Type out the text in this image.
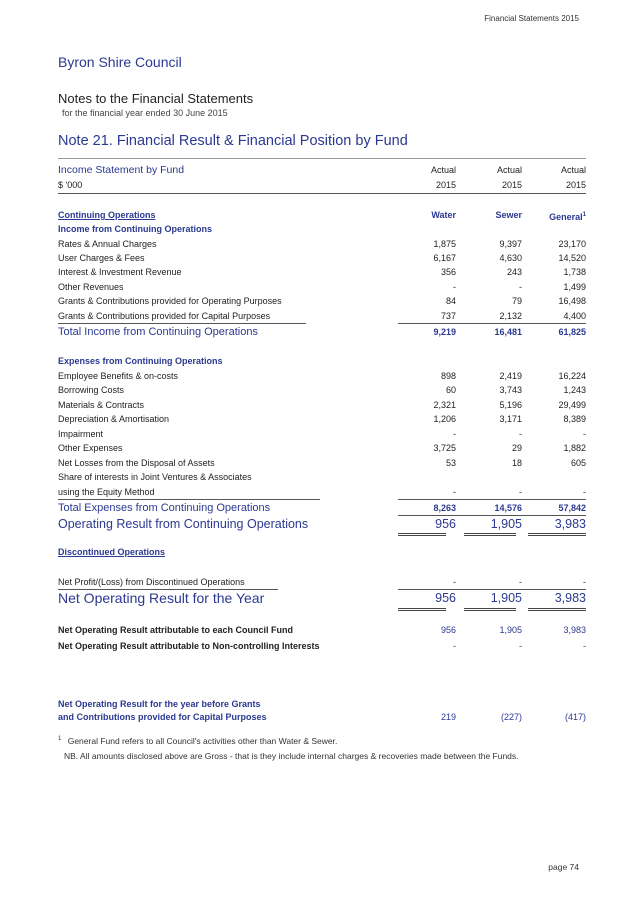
Financial Statements 2015
Byron Shire Council
Notes to the Financial Statements
for the financial year ended 30 June 2015
Note 21. Financial Result & Financial Position by Fund
Income Statement by Fund	Actual	Actual	Actual
$ '000	2015	2015	2015
Continuing Operations	Water	Sewer	General$^1$
Income from Continuing Operations
Rates & Annual Charges	1,875	9,397	23,170
User Charges & Fees	6,167	4,630	14,520
Interest & Investment Revenue	356	243	1,738
Other Revenues	-	-	1,499
Grants & Contributions provided for Operating Purposes	84	79	16,498
Grants & Contributions provided for Capital Purposes	737	2,132	4,400
Total Income from Continuing Operations	9,219	16,481	61,825
Expenses from Continuing Operations
Employee Benefits & on-costs	898	2,419	16,224
Borrowing Costs	60	3,743	1,243
Materials & Contracts	2,321	5,196	29,499
Depreciation & Amortisation	1,206	3,171	8,389
Impairment	-	-	-
Other Expenses	3,725	29	1,882
Net Losses from the Disposal of Assets	53	18	605
Share of interests in Joint Ventures & Associates
using the Equity Method	-	-	-
Total Expenses from Continuing Operations	8,263	14,576	57,842
Operating Result from Continuing Operations	956	1,905	3,983
Discontinued Operations
Net Profit/(Loss) from Discontinued Operations	-	-	-
Net Operating Result for the Year	956	1,905	3,983
Net Operating Result attributable to each Council Fund	956	1,905	3,983
Net Operating Result attributable to Non-controlling Interests	-	-	-
Net Operating Result for the year before Grants
and Contributions provided for Capital Purposes	219	(227)	(417)
$^1$ General Fund refers to all Council's activities other than Water & Sewer.
NB. All amounts disclosed above are Gross - that is they include internal charges & recoveries made between the Funds.
page 74
